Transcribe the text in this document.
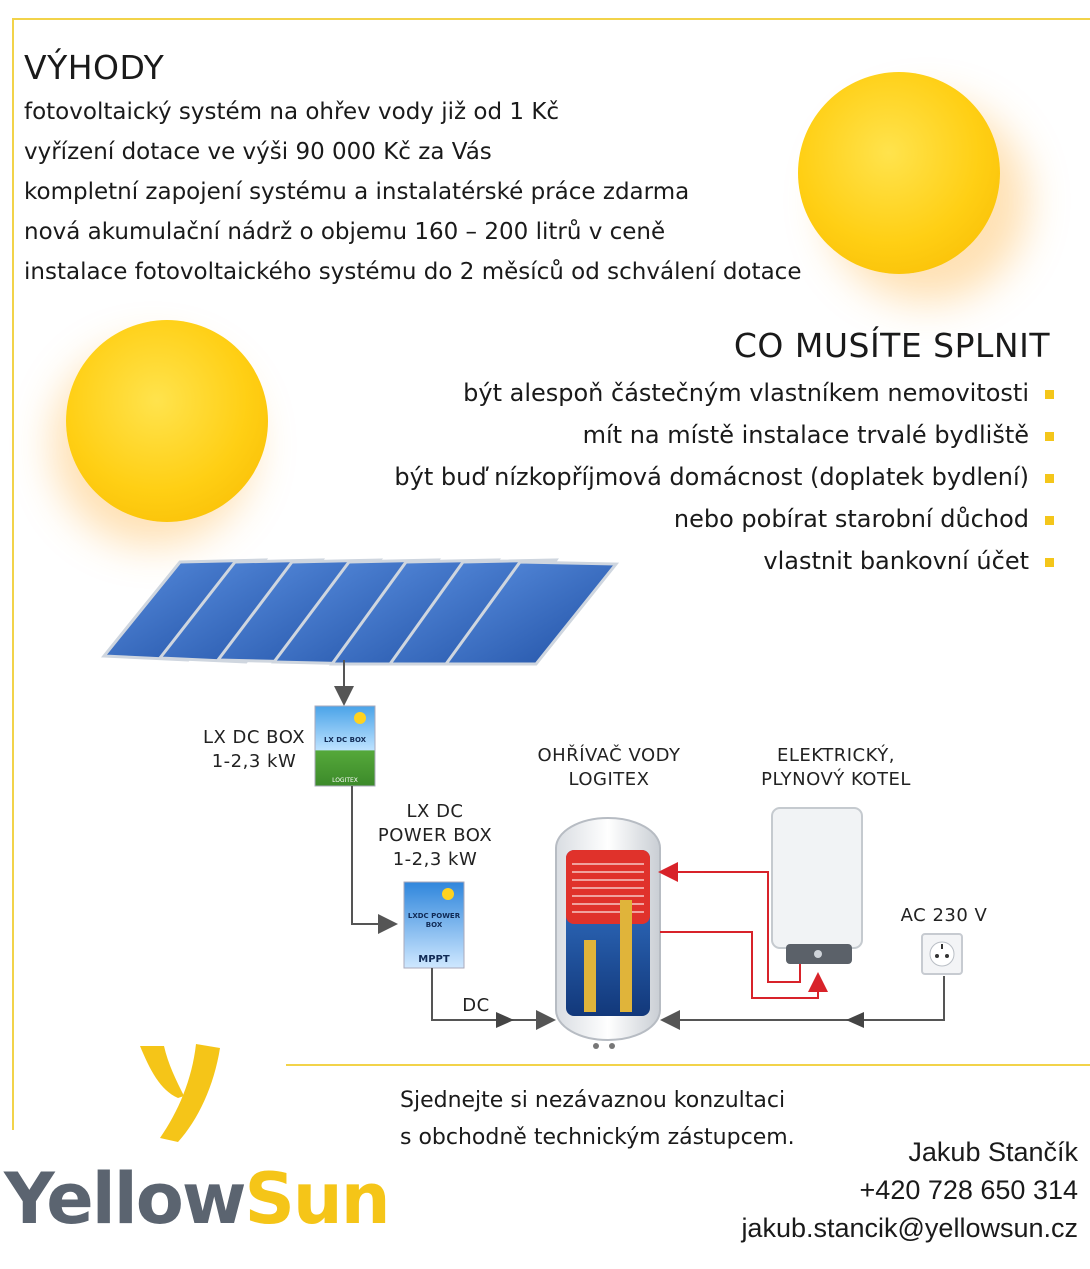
VÝHODY
fotovoltaický systém na ohřev vody již od 1 Kč
vyřízení dotace ve výši 90 000 Kč za Vás
kompletní zapojení systému a instalatérské práce zdarma
nová akumulační nádrž o objemu 160 – 200 litrů v ceně
instalace fotovoltaického systému do 2 měsíců od schválení dotace
CO MUSÍTE SPLNIT
být alespoň částečným vlastníkem nemovitosti
mít na místě instalace trvalé bydliště
být buď nízkopříjmová domácnost (doplatek bydlení)
nebo pobírat starobní důchod
vlastnit bankovní účet
LX DC BOX
LOGITEX
LXDC POWER
BOX
MPPT
LX DC BOX
1-2,3 kW
LX DC
POWER BOX
1-2,3 kW
OHŘÍVAČ VODY
LOGITEX
ELEKTRICKÝ,
PLYNOVÝ KOTEL
AC 230 V
DC
Sjednejte si nezávaznou konzultaci
s obchodně technickým zástupcem.
YellowSun
Jakub Stančík
+420 728 650 314
jakub.stancik@yellowsun.cz
